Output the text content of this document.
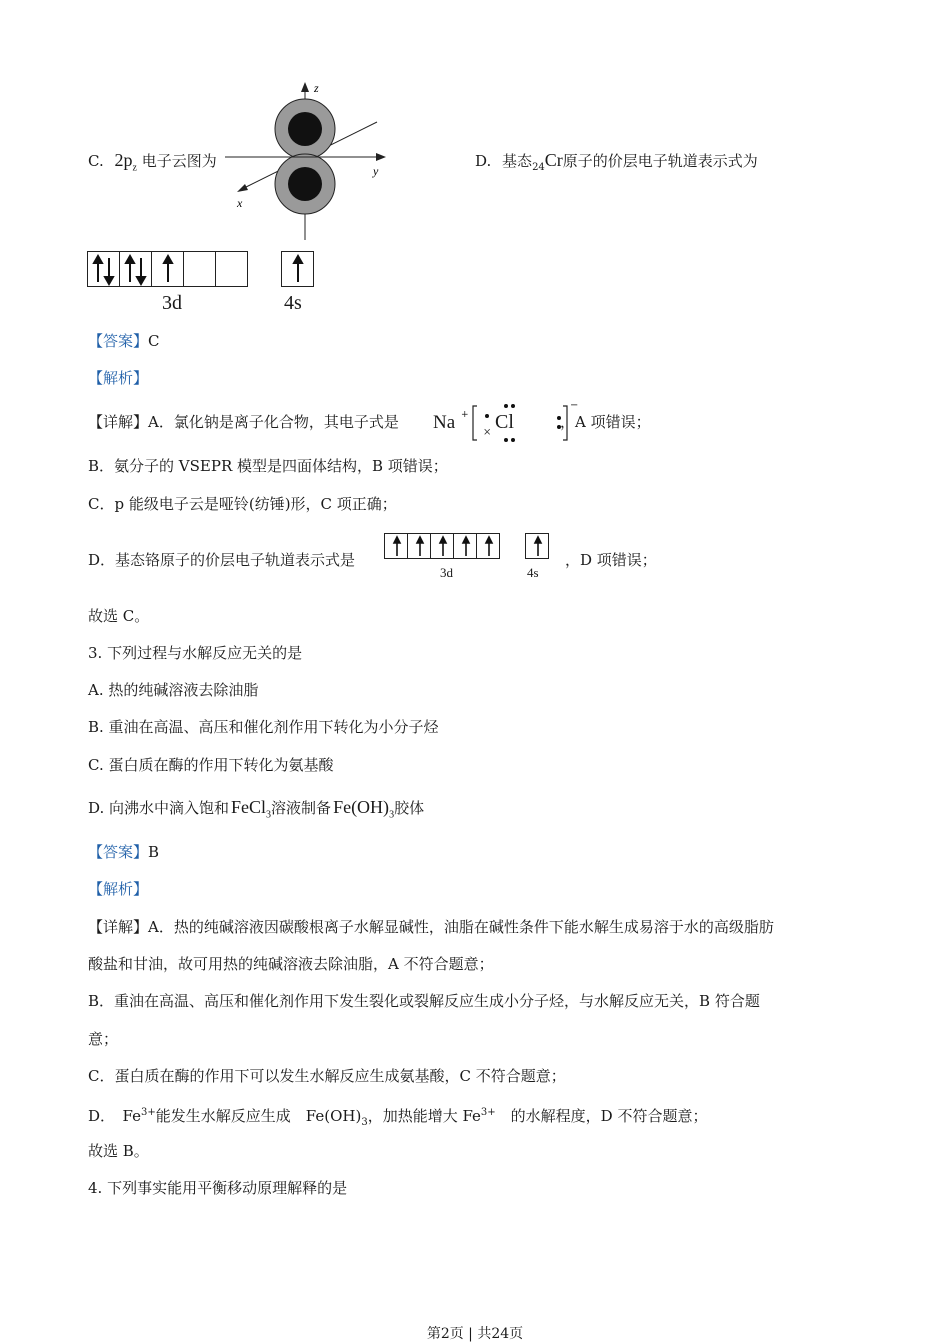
C. $2p_z$ 电子云图为
z
y
x
D. 基态$_{24}$Cr原子的价层电子轨道表示式为
3d	4s
【答案】C
【解析】
【详解】A．氯化钠是离子化合物，其电子式是 Na +
× Cl
−
，A 项错误；
B．氨分子的 VSEPR 模型是四面体结构，B 项错误；
C．p 能级电子云是哑铃(纺锤)形，C 项正确；
D．基态铬原子的价层电子轨道表示式是
3d	4s
，D 项错误；
故选 C。
3. 下列过程与水解反应无关的是
A. 热的纯碱溶液去除油脂
B. 重油在高温、高压和催化剂作用下转化为小分子烃
C. 蛋白质在酶的作用下转化为氨基酸
D. 向沸水中滴入饱和 FeCl$_3$溶液制备 $Fe(OH)_3$胶体
【答案】B
【解析】
【详解】A．热的纯碱溶液因碳酸根离子水解显碱性，油脂在碱性条件下能水解生成易溶于水的高级脂肪
酸盐和甘油，故可用热的纯碱溶液去除油脂，A 不符合题意；
B．重油在高温、高压和催化剂作用下发生裂化或裂解反应生成小分子烃，与水解反应无关，B 符合题
意；
C．蛋白质在酶的作用下可以发生水解反应生成氨基酸，C 不符合题意；
D．　$Fe^{3+}$能发生水解反应生成　$Fe(OH)_3$，加热能增大 $Fe^{3+}$　的水解程度，D 不符合题意；
故选 B。
4. 下列事实能用平衡移动原理解释的是
第2页 | 共24页
